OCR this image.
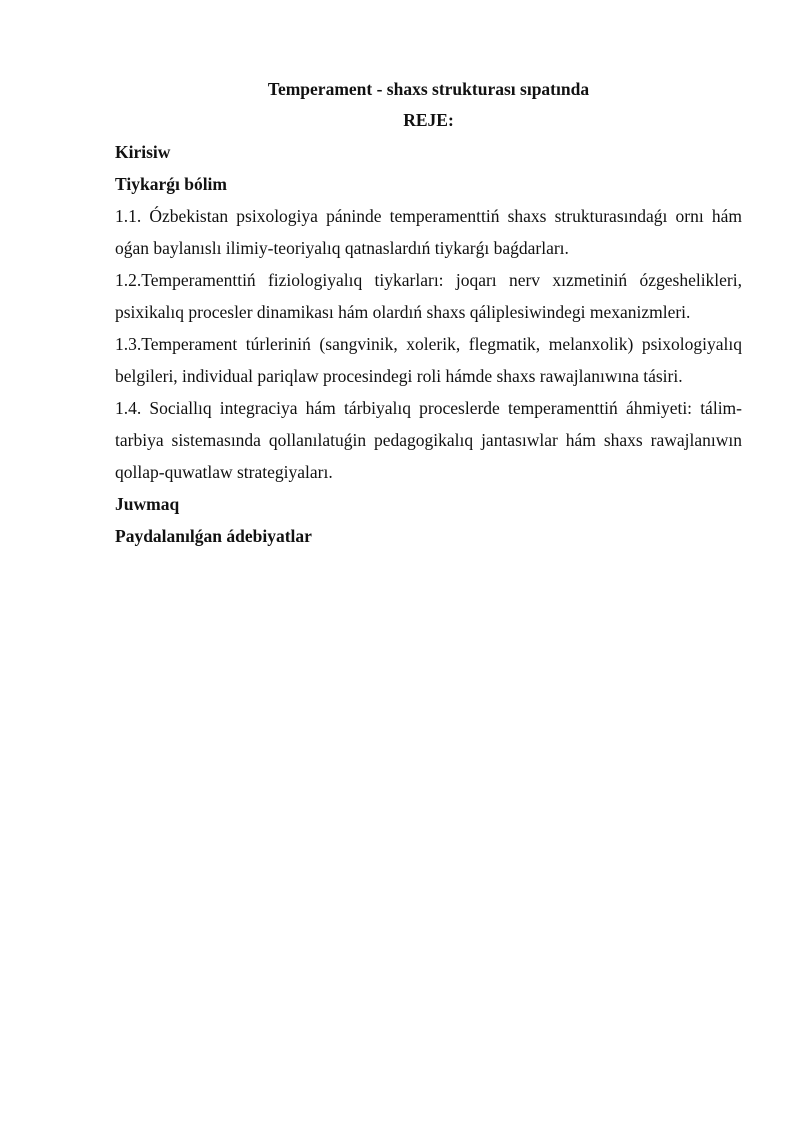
Temperament - shaxs strukturası sıpatında

REJE:

Kirisiw

Tiykarǵı bólim

1.1. Ózbekistan psixologiya páninde temperamenttiń shaxs strukturasındaǵı ornı hám oǵan baylanıslı ilimiy-teoriyalıq qatnaslardıń tiykarǵı baǵdarları.

1.2.Temperamenttiń fiziologiyalıq tiykarları: joqarı nerv xızmetiniń ózgeshelikleri, psixikalıq procesler dinamikası hám olardıń shaxs qáliplesiwindegi mexanizmleri.

1.3.Temperament túrleriniń (sangvinik, xolerik, flegmatik, melanxolik) psixologiyalıq belgileri, individual pariqlaw procesindegi roli hámde shaxs rawajlanıwına tásiri.

1.4. Sociallıq integraciya hám tárbiyalıq proceslerde temperamenttiń áhmiyeti: tálim-tarbiya sistemasında qollanılatuǵin pedagogikalıq jantasıwlar hám shaxs rawajlanıwın qollap-quwatlaw strategiyaları.

Juwmaq

Paydalanılǵan ádebiyatlar
